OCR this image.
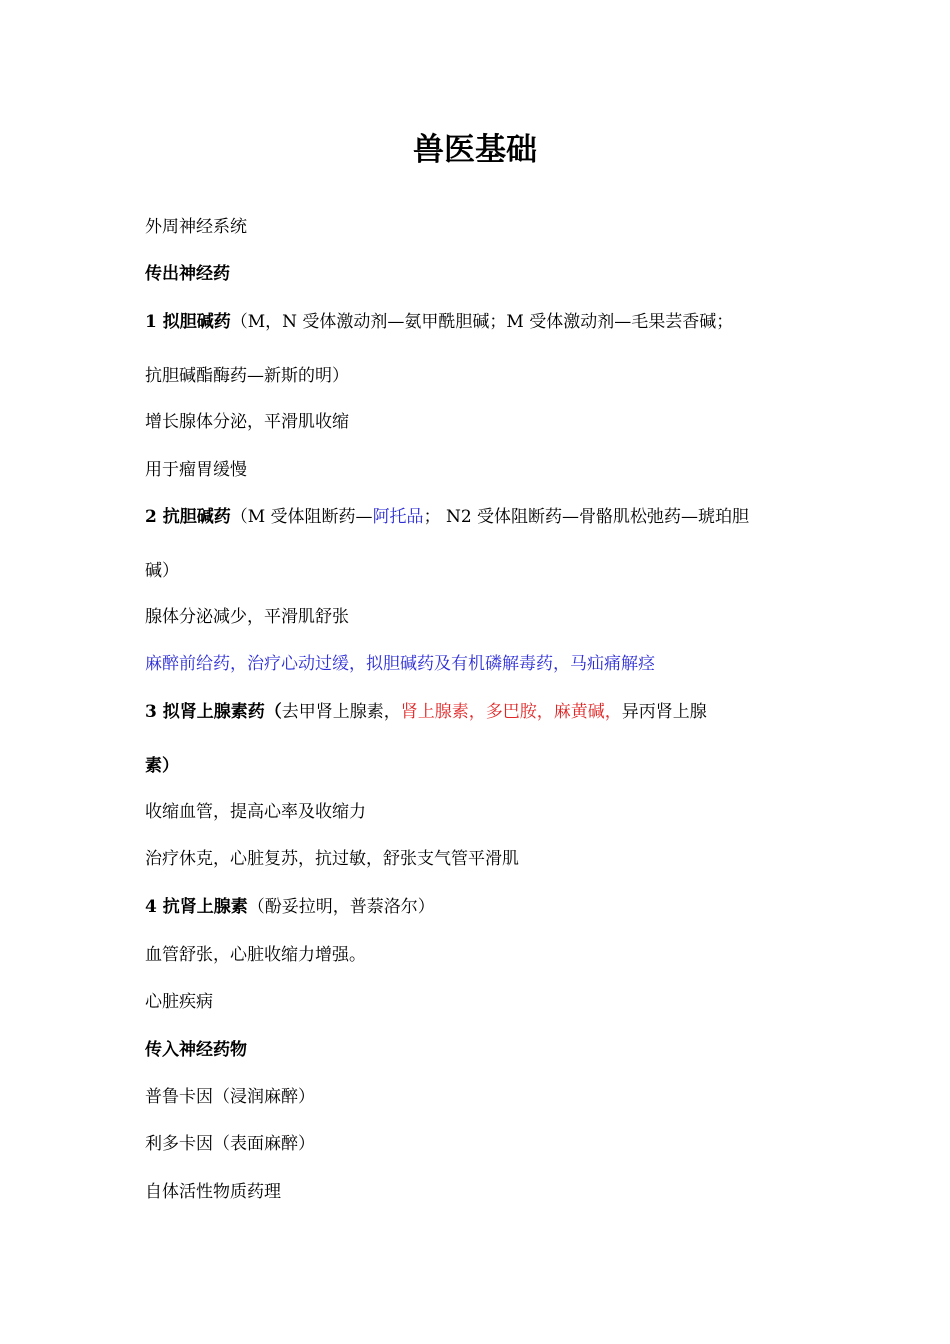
兽医基础

外周神经系统

传出神经药

1 拟胆碱药（M，N 受体激动剂—氨甲酰胆碱；M 受体激动剂—毛果芸香碱；

抗胆碱酯酶药—新斯的明）

增长腺体分泌，平滑肌收缩

用于瘤胃缓慢

2 抗胆碱药（M 受体阻断药—阿托品； N2 受体阻断药—骨骼肌松弛药—琥珀胆

碱）

腺体分泌减少，平滑肌舒张

麻醉前给药，治疗心动过缓，拟胆碱药及有机磷解毒药，马疝痛解痉

3 拟肾上腺素药（去甲肾上腺素，肾上腺素，多巴胺，麻黄碱，异丙肾上腺

素）

收缩血管，提高心率及收缩力

治疗休克，心脏复苏，抗过敏，舒张支气管平滑肌

4 抗肾上腺素（酚妥拉明，普萘洛尔）

血管舒张，心脏收缩力增强。

心脏疾病

传入神经药物

普鲁卡因（浸润麻醉）

利多卡因（表面麻醉）

自体活性物质药理
